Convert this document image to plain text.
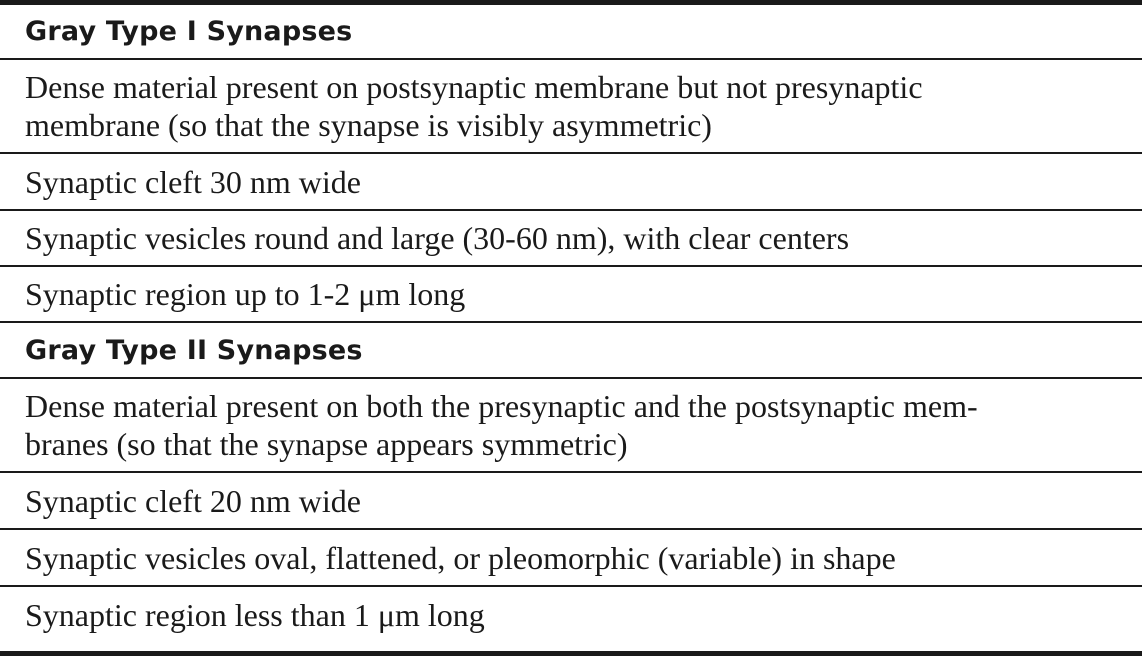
Gray Type I Synapses
Dense material present on postsynaptic membrane but not presynaptic
membrane (so that the synapse is visibly asymmetric)
Synaptic cleft 30 nm wide
Synaptic vesicles round and large (30-60 nm), with clear centers
Synaptic region up to 1-2 μm long
Gray Type II Synapses
Dense material present on both the presynaptic and the postsynaptic mem-
branes (so that the synapse appears symmetric)
Synaptic cleft 20 nm wide
Synaptic vesicles oval, flattened, or pleomorphic (variable) in shape
Synaptic region less than 1 μm long
